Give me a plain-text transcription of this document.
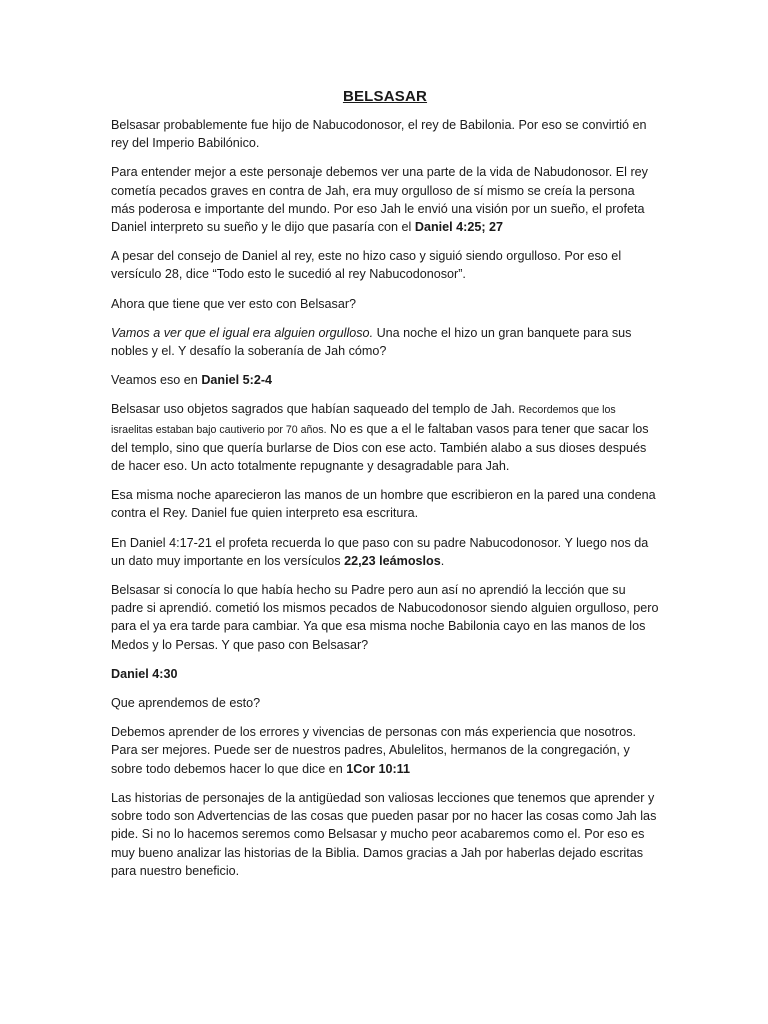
BELSASAR

Belsasar probablemente fue hijo de Nabucodonosor, el rey de Babilonia. Por eso se convirtió en rey del Imperio Babilónico.

Para entender mejor a este personaje debemos ver una parte de la vida de Nabudonosor. El rey cometía pecados graves en contra de Jah, era muy orgulloso de sí mismo se creía la persona más poderosa e importante del mundo. Por eso Jah le envió una visión por un sueño, el profeta Daniel interpreto su sueño y le dijo que pasaría con el Daniel 4:25; 27

A pesar del consejo de Daniel al rey, este no hizo caso y siguió siendo orgulloso. Por eso el versículo 28, dice “Todo esto le sucedió al rey Nabucodonosor”.

Ahora que tiene que ver esto con Belsasar?

Vamos a ver que el igual era alguien orgulloso. Una noche el hizo un gran banquete para sus nobles y el. Y desafío la soberanía de Jah cómo?

Veamos eso en Daniel 5:2-4

Belsasar uso objetos sagrados que habían saqueado del templo de Jah. Recordemos que los israelitas estaban bajo cautiverio por 70 años. No es que a el le faltaban vasos para tener que sacar los del templo, sino que quería burlarse de Dios con ese acto. También alabo a sus dioses después de hacer eso. Un acto totalmente repugnante y desagradable para Jah.

Esa misma noche aparecieron las manos de un hombre que escribieron en la pared una condena contra el Rey. Daniel fue quien interpreto esa escritura.

En Daniel 4:17-21 el profeta recuerda lo que paso con su padre Nabucodonosor. Y luego nos da un dato muy importante en los versículos 22,23 leámoslos.

Belsasar si conocía lo que había hecho su Padre pero aun así no aprendió la lección que su padre si aprendió. cometió los mismos pecados de Nabucodonosor siendo alguien orgulloso, pero para el ya era tarde para cambiar. Ya que esa misma noche Babilonia cayo en las manos de los Medos y lo Persas. Y que paso con Belsasar?

Daniel 4:30

Que aprendemos de esto?

Debemos aprender de los errores y vivencias de personas con más experiencia que nosotros. Para ser mejores. Puede ser de nuestros padres, Abulelitos, hermanos de la congregación, y sobre todo debemos hacer lo que dice en 1Cor 10:11

Las historias de personajes de la antigüedad son valiosas lecciones que tenemos que aprender y sobre todo son Advertencias de las cosas que pueden pasar por no hacer las cosas como Jah las pide. Si no lo hacemos seremos como Belsasar y mucho peor acabaremos como el. Por eso es muy bueno analizar las historias de la Biblia. Damos gracias a Jah por haberlas dejado escritas para nuestro beneficio.
